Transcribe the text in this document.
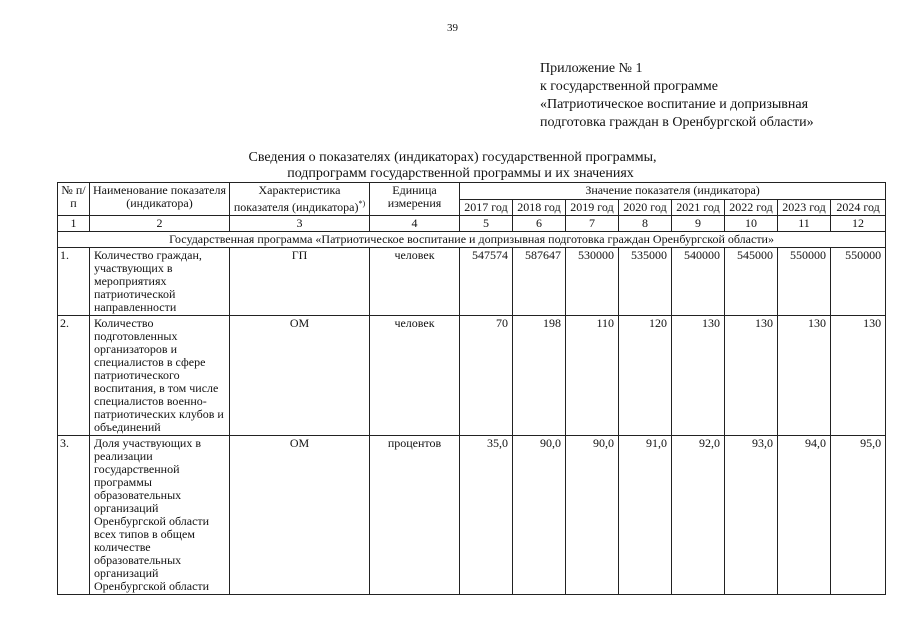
39
Приложение № 1
к государственной программе
«Патриотическое воспитание и допризывная
подготовка граждан в Оренбургской области»
Сведения о показателях (индикаторах) государственной программы,
подпрограмм государственной программы и их значениях
№ п/п	Наименование показателя (индикатора)	Характеристика показателя (индикатора)*)	Единица измерения	Значение показателя (индикатора)							
				2017 год	2018 год	2019 год	2020 год	2021 год	2022 год	2023 год	2024 год
1	2	3	4	5	6	7	8	9	10	11	12
Государственная программа «Патриотическое воспитание и допризывная подготовка граждан Оренбургской области»											
1.	Количество граждан, участвующих в мероприятиях патриотической направленности	ГП	человек	547574	587647	530000	535000	540000	545000	550000	550000
2.	Количество подготовленных организаторов и специалистов в сфере патриотического воспитания, в том числе специалистов военно-патриотических клубов и объединений	ОМ	человек	70	198	110	120	130	130	130	130
3.	Доля участвующих в реализации государственной программы образовательных организаций Оренбургской области всех типов в общем количестве образовательных организаций Оренбургской области	ОМ	процентов	35,0	90,0	90,0	91,0	92,0	93,0	94,0	95,0
